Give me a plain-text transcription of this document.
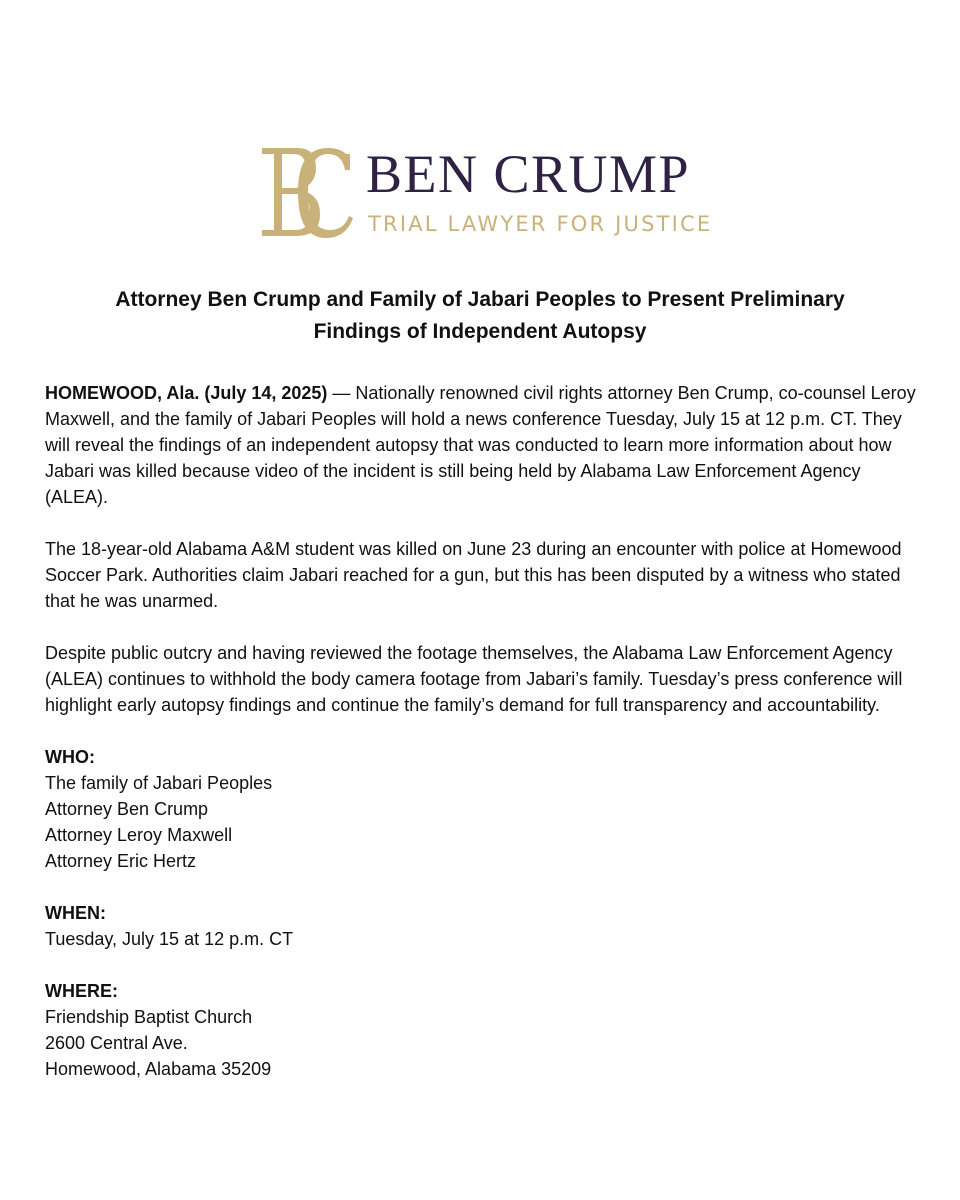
BEN CRUMP
TRIAL LAWYER FOR JUSTICE
Attorney Ben Crump and Family of Jabari Peoples to Present Preliminary
Findings of Independent Autopsy

HOMEWOOD, Ala. (July 14, 2025) — Nationally renowned civil rights attorney Ben Crump, co-counsel Leroy Maxwell, and the family of Jabari Peoples will hold a news conference Tuesday, July 15 at 12 p.m. CT. They will reveal the findings of an independent autopsy that was conducted to learn more information about how Jabari was killed because video of the incident is still being held by Alabama Law Enforcement Agency (ALEA).

The 18-year-old Alabama A&M student was killed on June 23 during an encounter with police at Homewood Soccer Park. Authorities claim Jabari reached for a gun, but this has been disputed by a witness who stated that he was unarmed.

Despite public outcry and having reviewed the footage themselves, the Alabama Law Enforcement Agency (ALEA) continues to withhold the body camera footage from Jabari’s family. Tuesday’s press conference will highlight early autopsy findings and continue the family’s demand for full transparency and accountability.

WHO:
The family of Jabari Peoples
Attorney Ben Crump
Attorney Leroy Maxwell
Attorney Eric Hertz
WHEN:
Tuesday, July 15 at 12 p.m. CT
WHERE:
Friendship Baptist Church
2600 Central Ave.
Homewood, Alabama 35209
